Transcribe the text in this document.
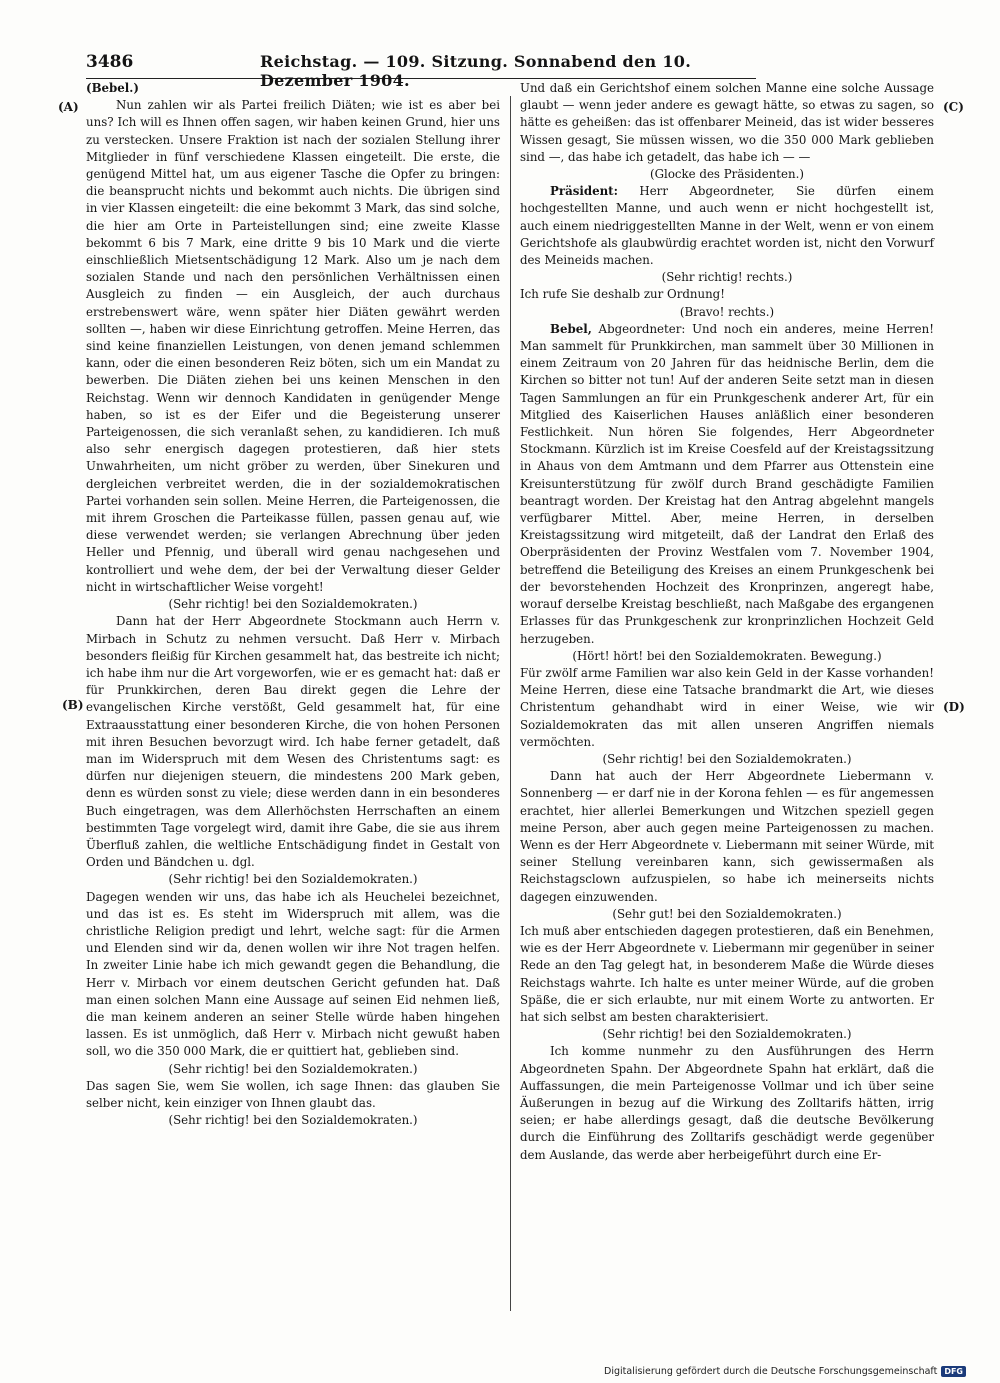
3486	Reichstag. — 109. Sitzung. Sonnabend den 10. Dezember 1904.
(A)
(B)
(C)
(D)

(Bebel.)

Nun zahlen wir als Partei freilich Diäten; wie ist es aber bei uns? Ich will es Ihnen offen sagen, wir haben keinen Grund, hier uns zu verstecken. Unsere Fraktion ist nach der sozialen Stellung ihrer Mitglieder in fünf verschiedene Klassen eingeteilt. Die erste, die genügend Mittel hat, um aus eigener Tasche die Opfer zu bringen: die beansprucht nichts und bekommt auch nichts. Die übrigen sind in vier Klassen eingeteilt: die eine bekommt 3 Mark, das sind solche, die hier am Orte in Parteistellungen sind; eine zweite Klasse bekommt 6 bis 7 Mark, eine dritte 9 bis 10 Mark und die vierte einschließlich Mietsentschädigung 12 Mark. Also um je nach dem sozialen Stande und nach den persönlichen Verhältnissen einen Ausgleich zu finden — ein Ausgleich, der auch durchaus erstrebenswert wäre, wenn später hier Diäten gewährt werden sollten —, haben wir diese Einrichtung getroffen. Meine Herren, das sind keine finanziellen Leistungen, von denen jemand schlemmen kann, oder die einen besonderen Reiz böten, sich um ein Mandat zu bewerben. Die Diäten ziehen bei uns keinen Menschen in den Reichstag. Wenn wir dennoch Kandidaten in genügender Menge haben, so ist es der Eifer und die Begeisterung unserer Parteigenossen, die sich veranlaßt sehen, zu kandidieren. Ich muß also sehr energisch dagegen protestieren, daß hier stets Unwahrheiten, um nicht gröber zu werden, über Sinekuren und dergleichen verbreitet werden, die in der sozialdemokratischen Partei vorhanden sein sollen. Meine Herren, die Parteigenossen, die mit ihrem Groschen die Parteikasse füllen, passen genau auf, wie diese verwendet werden; sie verlangen Abrechnung über jeden Heller und Pfennig, und überall wird genau nachgesehen und kontrolliert und wehe dem, der bei der Verwaltung dieser Gelder nicht in wirtschaftlicher Weise vorgeht!

(Sehr richtig! bei den Sozialdemokraten.)

Dann hat der Herr Abgeordnete Stockmann auch Herrn v. Mirbach in Schutz zu nehmen versucht. Daß Herr v. Mirbach besonders fleißig für Kirchen gesammelt hat, das bestreite ich nicht; ich habe ihm nur die Art vorgeworfen, wie er es gemacht hat: daß er für Prunkkirchen, deren Bau direkt gegen die Lehre der evangelischen Kirche verstößt, Geld gesammelt hat, für eine Extraausstattung einer besonderen Kirche, die von hohen Personen mit ihren Besuchen bevorzugt wird. Ich habe ferner getadelt, daß man im Widerspruch mit dem Wesen des Christentums sagt: es dürfen nur diejenigen steuern, die mindestens 200 Mark geben, denn es würden sonst zu viele; diese werden dann in ein besonderes Buch eingetragen, was dem Allerhöchsten Herrschaften an einem bestimmten Tage vorgelegt wird, damit ihre Gabe, die sie aus ihrem Überfluß zahlen, die weltliche Entschädigung findet in Gestalt von Orden und Bändchen u. dgl.

(Sehr richtig! bei den Sozialdemokraten.)

Dagegen wenden wir uns, das habe ich als Heuchelei bezeichnet, und das ist es. Es steht im Widerspruch mit allem, was die christliche Religion predigt und lehrt, welche sagt: für die Armen und Elenden sind wir da, denen wollen wir ihre Not tragen helfen. In zweiter Linie habe ich mich gewandt gegen die Behandlung, die Herr v. Mirbach vor einem deutschen Gericht gefunden hat. Daß man einen solchen Mann eine Aussage auf seinen Eid nehmen ließ, die man keinem anderen an seiner Stelle würde haben hingehen lassen. Es ist unmöglich, daß Herr v. Mirbach nicht gewußt haben soll, wo die 350 000 Mark, die er quittiert hat, geblieben sind.

(Sehr richtig! bei den Sozialdemokraten.)

Das sagen Sie, wem Sie wollen, ich sage Ihnen: das glauben Sie selber nicht, kein einziger von Ihnen glaubt das.

(Sehr richtig! bei den Sozialdemokraten.)

Und daß ein Gerichtshof einem solchen Manne eine solche Aussage glaubt — wenn jeder andere es gewagt hätte, so etwas zu sagen, so hätte es geheißen: das ist offenbarer Meineid, das ist wider besseres Wissen gesagt, Sie müssen wissen, wo die 350 000 Mark geblieben sind —, das habe ich getadelt, das habe ich — —

(Glocke des Präsidenten.)

Präsident: Herr Abgeordneter, Sie dürfen einem hochgestellten Manne, und auch wenn er nicht hochgestellt ist, auch einem niedriggestellten Manne in der Welt, wenn er von einem Gerichtshofe als glaubwürdig erachtet worden ist, nicht den Vorwurf des Meineids machen.

(Sehr richtig! rechts.)

Ich rufe Sie deshalb zur Ordnung!

(Bravo! rechts.)

Bebel, Abgeordneter: Und noch ein anderes, meine Herren! Man sammelt für Prunkkirchen, man sammelt über 30 Millionen in einem Zeitraum von 20 Jahren für das heidnische Berlin, dem die Kirchen so bitter not tun! Auf der anderen Seite setzt man in diesen Tagen Sammlungen an für ein Prunkgeschenk anderer Art, für ein Mitglied des Kaiserlichen Hauses anläßlich einer besonderen Festlichkeit. Nun hören Sie folgendes, Herr Abgeordneter Stockmann. Kürzlich ist im Kreise Coesfeld auf der Kreistagssitzung in Ahaus von dem Amtmann und dem Pfarrer aus Ottenstein eine Kreisunterstützung für zwölf durch Brand geschädigte Familien beantragt worden. Der Kreistag hat den Antrag abgelehnt mangels verfügbarer Mittel. Aber, meine Herren, in derselben Kreistagssitzung wird mitgeteilt, daß der Landrat den Erlaß des Oberpräsidenten der Provinz Westfalen vom 7. November 1904, betreffend die Beteiligung des Kreises an einem Prunkgeschenk bei der bevorstehenden Hochzeit des Kronprinzen, angeregt habe, worauf derselbe Kreistag beschließt, nach Maßgabe des ergangenen Erlasses für das Prunkgeschenk zur kronprinzlichen Hochzeit Geld herzugeben.

(Hört! hört! bei den Sozialdemokraten. Bewegung.)

Für zwölf arme Familien war also kein Geld in der Kasse vorhanden! Meine Herren, diese eine Tatsache brandmarkt die Art, wie dieses Christentum gehandhabt wird in einer Weise, wie wir Sozialdemokraten das mit allen unseren Angriffen niemals vermöchten.

(Sehr richtig! bei den Sozialdemokraten.)

Dann hat auch der Herr Abgeordnete Liebermann v. Sonnenberg — er darf nie in der Korona fehlen — es für angemessen erachtet, hier allerlei Bemerkungen und Witzchen speziell gegen meine Person, aber auch gegen meine Parteigenossen zu machen. Wenn es der Herr Abgeordnete v. Liebermann mit seiner Würde, mit seiner Stellung vereinbaren kann, sich gewissermaßen als Reichstagsclown aufzuspielen, so habe ich meinerseits nichts dagegen einzuwenden.

(Sehr gut! bei den Sozialdemokraten.)

Ich muß aber entschieden dagegen protestieren, daß ein Benehmen, wie es der Herr Abgeordnete v. Liebermann mir gegenüber in seiner Rede an den Tag gelegt hat, in besonderem Maße die Würde dieses Reichstags wahrte. Ich halte es unter meiner Würde, auf die groben Späße, die er sich erlaubte, nur mit einem Worte zu antworten. Er hat sich selbst am besten charakterisiert.

(Sehr richtig! bei den Sozialdemokraten.)

Ich komme nunmehr zu den Ausführungen des Herrn Abgeordneten Spahn. Der Abgeordnete Spahn hat erklärt, daß die Auffassungen, die mein Parteigenosse Vollmar und ich über seine Äußerungen in bezug auf die Wirkung des Zolltarifs hätten, irrig seien; er habe allerdings gesagt, daß die deutsche Bevölkerung durch die Einführung des Zolltarifs geschädigt werde gegenüber dem Auslande, das werde aber herbeigeführt durch eine Er-

Digitalisierung gefördert durch die Deutsche Forschungsgemeinschaft DFG
